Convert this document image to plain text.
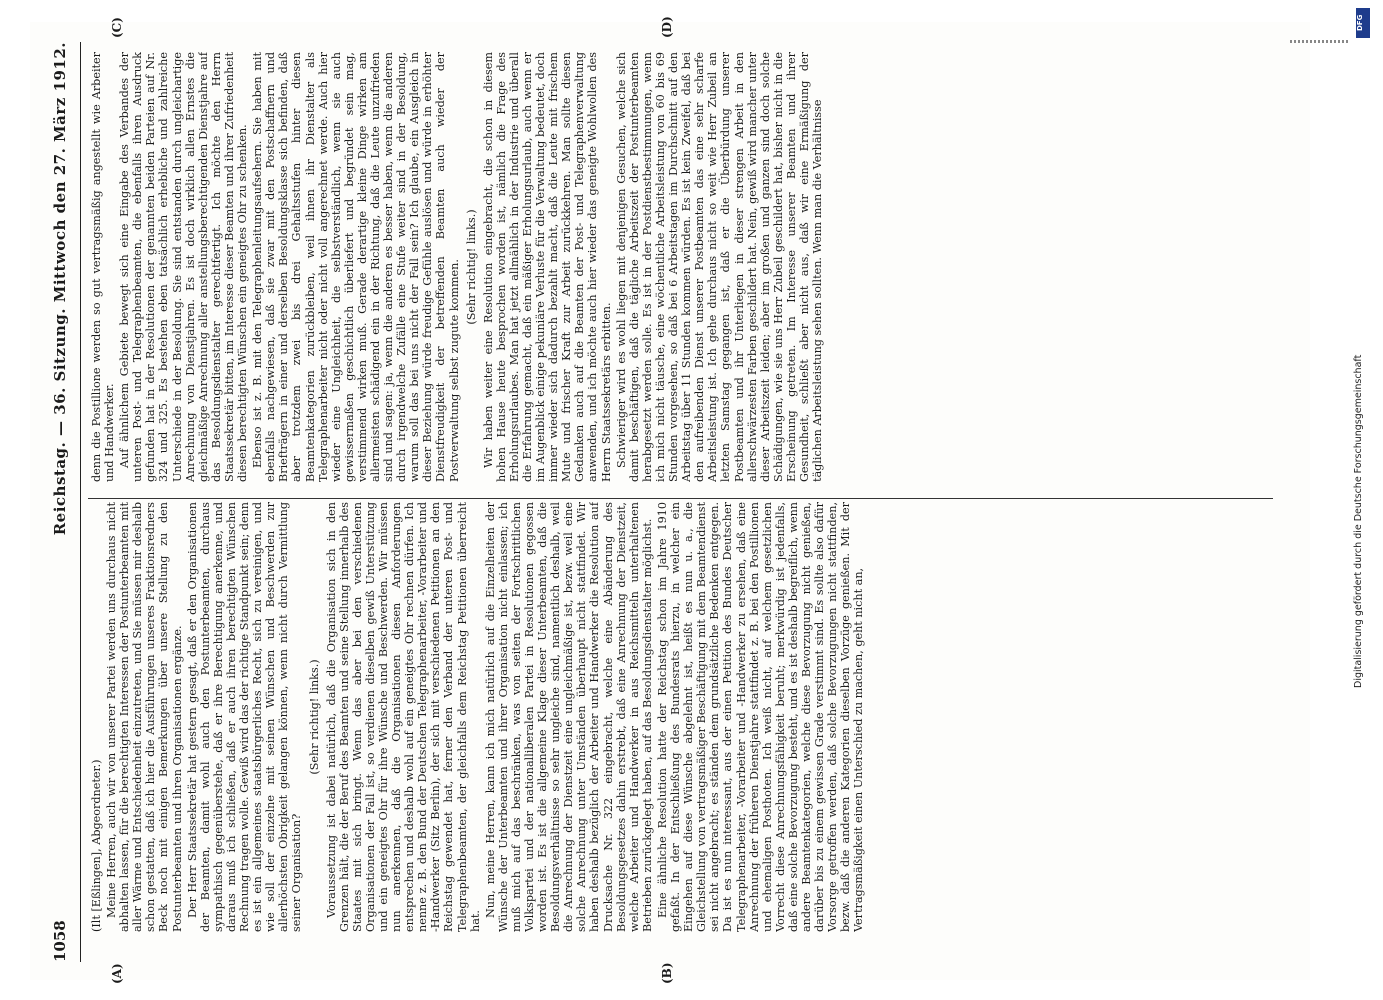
1058
Reichstag. — 36. Sitzung. Mittwoch den 27. März 1912.
(A)	(B)
(C)	(D)

(Ilt [Eßlingen], Abgeordneter.) Meine Herren, auch wir von unserer Partei werden uns durchaus nicht abhalten lassen, für die berechtigten Interessen der Postunterbeamten mit aller Wärme und Entschiedenheit einzutreten, und Sie müssen mir deshalb schon gestatten, daß ich hier die Ausführungen unseres Fraktionsredners Beck noch mit einigen Bemerkungen über unsere Stellung zu den Postunterbeamten und ihren Organisationen ergänze. Der Herr Staatssekretär hat gestern gesagt, daß er den Organisationen der Beamten, damit wohl auch den Postunterbeamten, durchaus sympathisch gegenüberstehe, daß er ihre Berechtigung anerkenne, und daraus muß ich schließen, daß er auch ihren berechtigten Wünschen Rechnung tragen wolle. Gewiß wird das der richtige Standpunkt sein; denn es ist ein allgemeines staatsbürgerliches Recht, sich zu vereinigen, und wie soll der einzelne mit seinen Wünschen und Beschwerden zur allerhöchsten Obrigkeit gelangen können, wenn nicht durch Vermittlung seiner Organisation?

(Sehr richtig! links.) Voraussetzung ist dabei natürlich, daß die Organisation sich in den Grenzen hält, die der Beruf des Beamten und seine Stellung innerhalb des Staates mit sich bringt. Wenn das aber bei den verschiedenen Organisationen der Fall ist, so verdienen dieselben gewiß Unterstützung und ein geneigtes Ohr für ihre Wünsche und Beschwerden. Wir müssen nun anerkennen, daß die Organisationen diesen Anforderungen entsprechen und deshalb wohl auf ein geneigtes Ohr rechnen dürfen. Ich nenne z. B. den Bund der Deutschen Telegraphenarbeiter, -Vorarbeiter und -Handwerker (Sitz Berlin), der sich mit verschiedenen Petitionen an den Reichstag gewendet hat, ferner den Verband der unteren Post- und Telegraphenbeamten, der gleichfalls dem Reichstag Petitionen überreicht hat.

Nun, meine Herren, kann ich mich natürlich auf die Einzelheiten der Wünsche der Unterbeamten und ihrer Organisation nicht einlassen; ich muß mich auf das beschränken, was von seiten der Fortschrittlichen Volkspartei und der nationalliberalen Partei in Resolutionen gegossen worden ist. Es ist die allgemeine Klage dieser Unterbeamten, daß die Besoldungsverhältnisse so sehr ungleiche sind, namentlich deshalb, weil die Anrechnung der Dienstzeit eine ungleichmäßige ist, bezw. weil eine solche Anrechnung unter Umständen überhaupt nicht stattfindet. Wir haben deshalb bezüglich der Arbeiter und Handwerker die Resolution auf Drucksache Nr. 322 eingebracht, welche eine Abänderung des Besoldungsgesetzes dahin erstrebt, daß eine Anrechnung der Dienstzeit, welche Arbeiter und Handwerker in aus Reichsmitteln unterhaltenen Betrieben zurückgelegt haben, auf das Besoldungsdienstalter möglichst. Eine ähnliche Resolution hatte der Reichstag schon im Jahre 1910 gefaßt. In der Entschließung des Bundesrats hierzu, in welcher ein Eingehen auf diese Wünsche abgelehnt ist, heißt es nun u. a., die Gleichstellung von vertragsmäßiger Beschäftigung mit dem Beamtendienst sei nicht angebracht; es ständen dem grundsätzliche Bedenken entgegen. Da ist es nun interessant, aus der einen Petition des Bundes Deutscher Telegraphenarbeiter, -Vorarbeiter und -Handwerker zu ersehen, daß eine Anrechnung der früheren Dienstjahre stattfindet z. B. bei den Postillionen und ehemaligen Posthoten. Ich weiß nicht, auf welchem gesetzlichen Vorrecht diese Anrechnungsfähigkeit beruht; merkwürdig ist jedenfalls, daß eine solche Bevorzugung besteht, und es ist deshalb begreiflich, wenn andere Beamtenkategorien, welche diese Bevorzugung nicht genießen, darüber bis zu einem gewissen Grade verstimmt sind. Es sollte also dafür Vorsorge getroffen werden, daß solche Bevorzugungen nicht stattfinden, bezw. daß die anderen Kategorien dieselben Vorzüge genießen. Mit der Vertragsmäßigkeit einen Unterschied zu machen, geht nicht an,

denn die Postillione werden so gut vertragsmäßig angestellt wie Arbeiter und Handwerker. Auf ähnlichem Gebiete bewegt sich eine Eingabe des Verbandes der unteren Post- und Telegraphenbeamten, die ebenfalls ihren Ausdruck gefunden hat in der Resolutionen der genannten beiden Parteien auf Nr. 324 und 325. Es bestehen eben tatsächlich erhebliche und zahlreiche Unterschiede in der Besoldung. Sie sind entstanden durch ungleichartige Anrechnung von Dienstjahren. Es ist doch wirklich allen Ernstes die gleichmäßige Anrechnung aller anstellungsberechtigenden Dienstjahre auf das Besoldungsdienstalter gerechtfertigt. Ich möchte den Herrn Staatssekretär bitten, im Interesse dieser Beamten und ihrer Zufriedenheit diesen berechtigten Wünschen ein geneigtes Ohr zu schenken. Ebenso ist z. B. mit den Telegraphenleitungsaufsehern. Sie haben mit ebenfalls nachgewiesen, daß sie zwar mit den Postschaffnern und Briefträgern in einer und derselben Besoldungsklasse sich befinden, daß aber trotzdem zwei bis drei Gehaltsstufen hinter diesen Beamtenkategorien zurückbleiben, weil ihnen ihr Dienstalter als Telegraphenarbeiter nicht oder nicht voll angerechnet werde. Auch hier wieder eine Ungleichheit, die selbstverständlich, wenn sie auch gewissermaßen geschichtlich überliefert und begründet sein mag, verstimmend wirken muß. Gerade derartige kleine Dinge wirken am allermeisten schädigend ein in der Richtung, daß die Leute unzufrieden sind und sagen: ja, wenn die anderen es besser haben, wenn die anderen durch irgendwelche Zufälle eine Stufe weiter sind in der Besoldung, warum soll das bei uns nicht der Fall sein? Ich glaube, ein Ausgleich in dieser Beziehung würde freudige Gefühle auslösen und würde in erhöhter Dienstfreudigkeit der betreffenden Beamten auch wieder der Postverwaltung selbst zugute kommen. (Sehr richtig! links.) Wir haben weiter eine Resolution eingebracht, die schon in diesem hohen Hause heute besprochen worden ist, nämlich die Frage des Erholungsurlaubes. Man hat jetzt allmählich in der Industrie und überall die Erfahrung gemacht, daß ein mäßiger Erholungsurlaub, auch wenn er im Augenblick einige pekuniäre Verluste für die Verwaltung bedeutet, doch immer wieder sich dadurch bezahlt macht, daß die Leute mit frischem Mute und frischer Kraft zur Arbeit zurückkehren. Man sollte diesen Gedanken auch auf die Beamten der Post- und Telegraphenverwaltung anwenden, und ich möchte auch hier wieder das geneigte Wohlwollen des Herrn Staatssekretärs erbitten. Schwieriger wird es wohl liegen mit denjenigen Gesuchen, welche sich damit beschäftigen, daß die tägliche Arbeitszeit der Postunterbeamten herabgesetzt werden solle. Es ist in der Postdienstbestimmungen, wenn ich mich nicht täusche, eine wöchentliche Arbeitsleistung von 60 bis 69 Stunden vorgesehen, so daß bei 6 Arbeitstagen im Durchschnitt auf den Arbeitstag über 11 Stunden kommen würden. Es ist kein Zweifel, daß bei den aufreibenden Dienst unserer Postbeamten das eine sehr scharfe Arbeitsleistung ist. Ich gehe durchaus nicht so weit wie Herr Zubeil an letzten Samstag gegangen ist, daß er die Überbürdung unserer Postbeamten und ihr Unterliegen in dieser strengen Arbeit in den allerschwärzesten Farben geschildert hat. Nein, gewiß wird mancher unter dieser Arbeitszeit leiden; aber im großen und ganzen sind doch solche Schädigungen, wie sie uns Herr Zubeil geschildert hat, bisher nicht in die Erscheinung getreten. Im Interesse unserer Beamten und ihrer Gesundheit, schließt aber nicht aus, daß wir eine Ermäßigung der täglichen Arbeitsleistung sehen sollten. Wenn man die Verhältnisse

DFG
Digitalisierung gefördert durch die Deutsche Forschungsgemeinschaft
